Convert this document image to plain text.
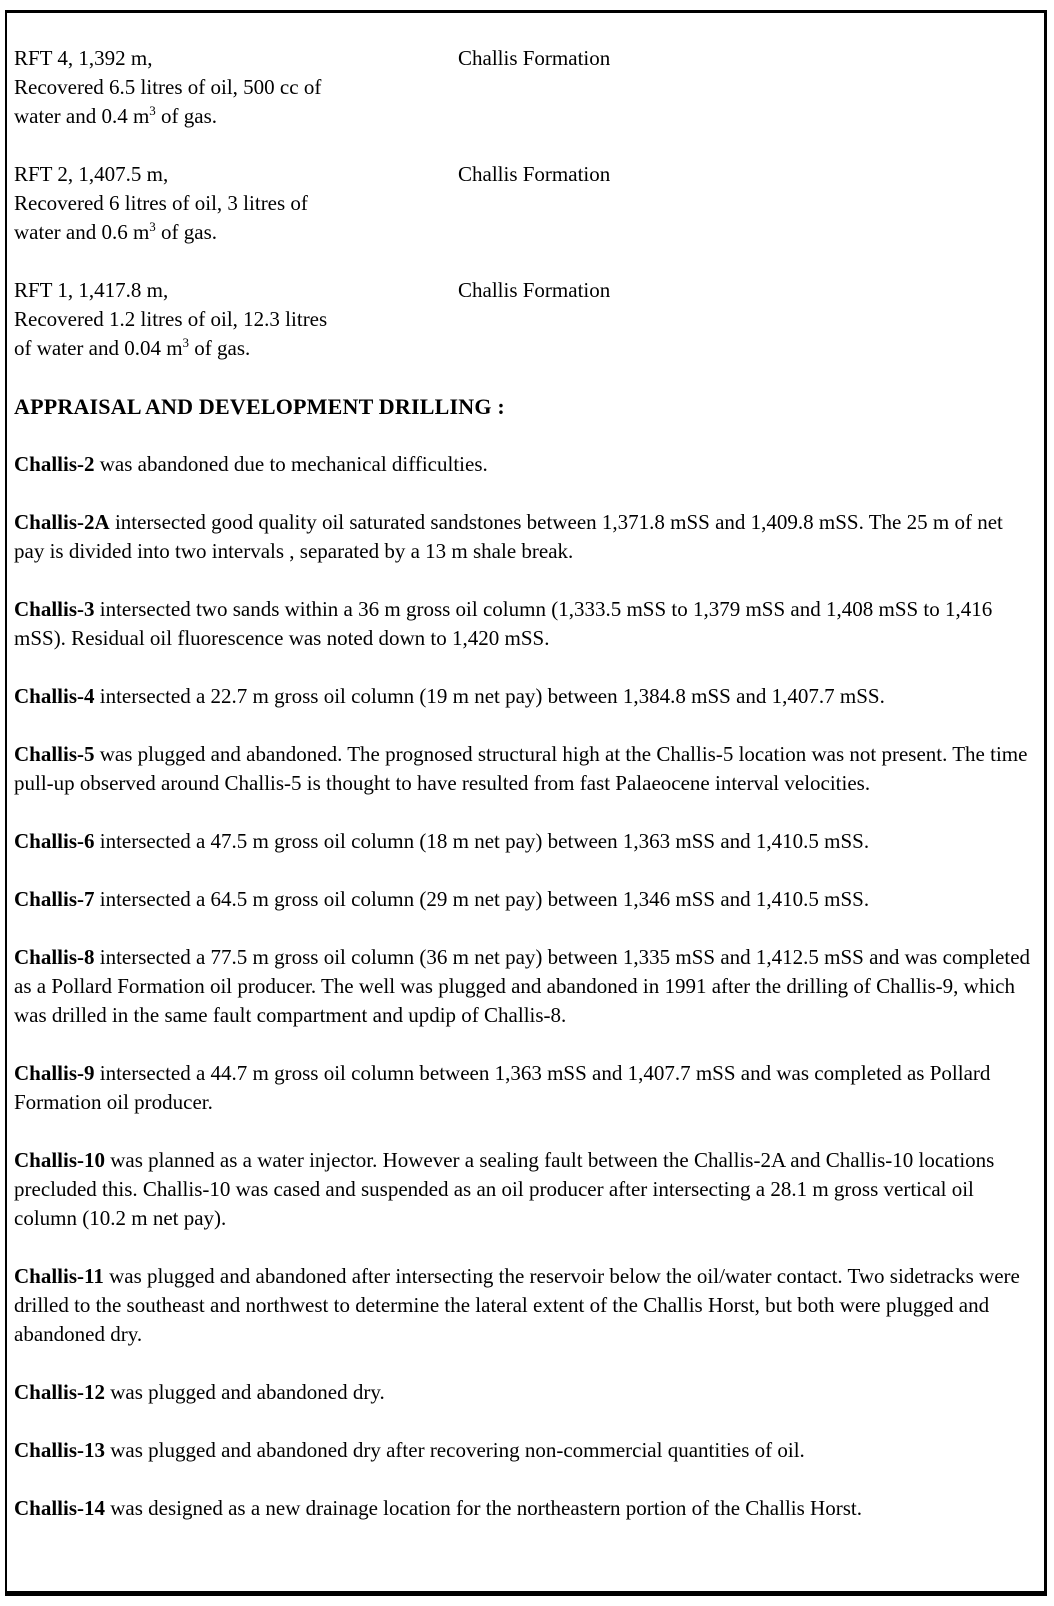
RFT 4, 1,392 m,
Recovered 6.5 litres of oil, 500 cc of
water and 0.4 $m^3$ of gas.
Challis Formation
RFT 2, 1,407.5 m,
Recovered 6 litres of oil, 3 litres of
water and 0.6 $m^3$ of gas.
Challis Formation
RFT 1, 1,417.8 m,
Recovered 1.2 litres of oil, 12.3 litres
of water and 0.04 $m^3$ of gas.
Challis Formation
APPRAISAL AND DEVELOPMENT DRILLING :

Challis-2 was abandoned due to mechanical difficulties.

Challis-2A intersected good quality oil saturated sandstones between 1,371.8 mSS and 1,409.8 mSS. The 25 m of net pay is divided into two intervals , separated by a 13 m shale break.

Challis-3 intersected two sands within a 36 m gross oil column (1,333.5 mSS to 1,379 mSS and 1,408 mSS to 1,416 mSS). Residual oil fluorescence was noted down to 1,420 mSS.

Challis-4 intersected a 22.7 m gross oil column (19 m net pay) between 1,384.8 mSS and 1,407.7 mSS.

Challis-5 was plugged and abandoned. The prognosed structural high at the Challis-5 location was not present. The time pull-up observed around Challis-5 is thought to have resulted from fast Palaeocene interval velocities.

Challis-6 intersected a 47.5 m gross oil column (18 m net pay) between 1,363 mSS and 1,410.5 mSS.

Challis-7 intersected a 64.5 m gross oil column (29 m net pay) between 1,346 mSS and 1,410.5 mSS.

Challis-8 intersected a 77.5 m gross oil column (36 m net pay) between 1,335 mSS and 1,412.5 mSS and was completed as a Pollard Formation oil producer. The well was plugged and abandoned in 1991 after the drilling of Challis-9, which was drilled in the same fault compartment and updip of Challis-8.

Challis-9 intersected a 44.7 m gross oil column between 1,363 mSS and 1,407.7 mSS and was completed as Pollard Formation oil producer.

Challis-10 was planned as a water injector. However a sealing fault between the Challis-2A and Challis-10 locations precluded this. Challis-10 was cased and suspended as an oil producer after intersecting a 28.1 m gross vertical oil column (10.2 m net pay).

Challis-11 was plugged and abandoned after intersecting the reservoir below the oil/water contact. Two sidetracks were drilled to the southeast and northwest to determine the lateral extent of the Challis Horst, but both were plugged and abandoned dry.

Challis-12 was plugged and abandoned dry.

Challis-13 was plugged and abandoned dry after recovering non-commercial quantities of oil.

Challis-14 was designed as a new drainage location for the northeastern portion of the Challis Horst.
